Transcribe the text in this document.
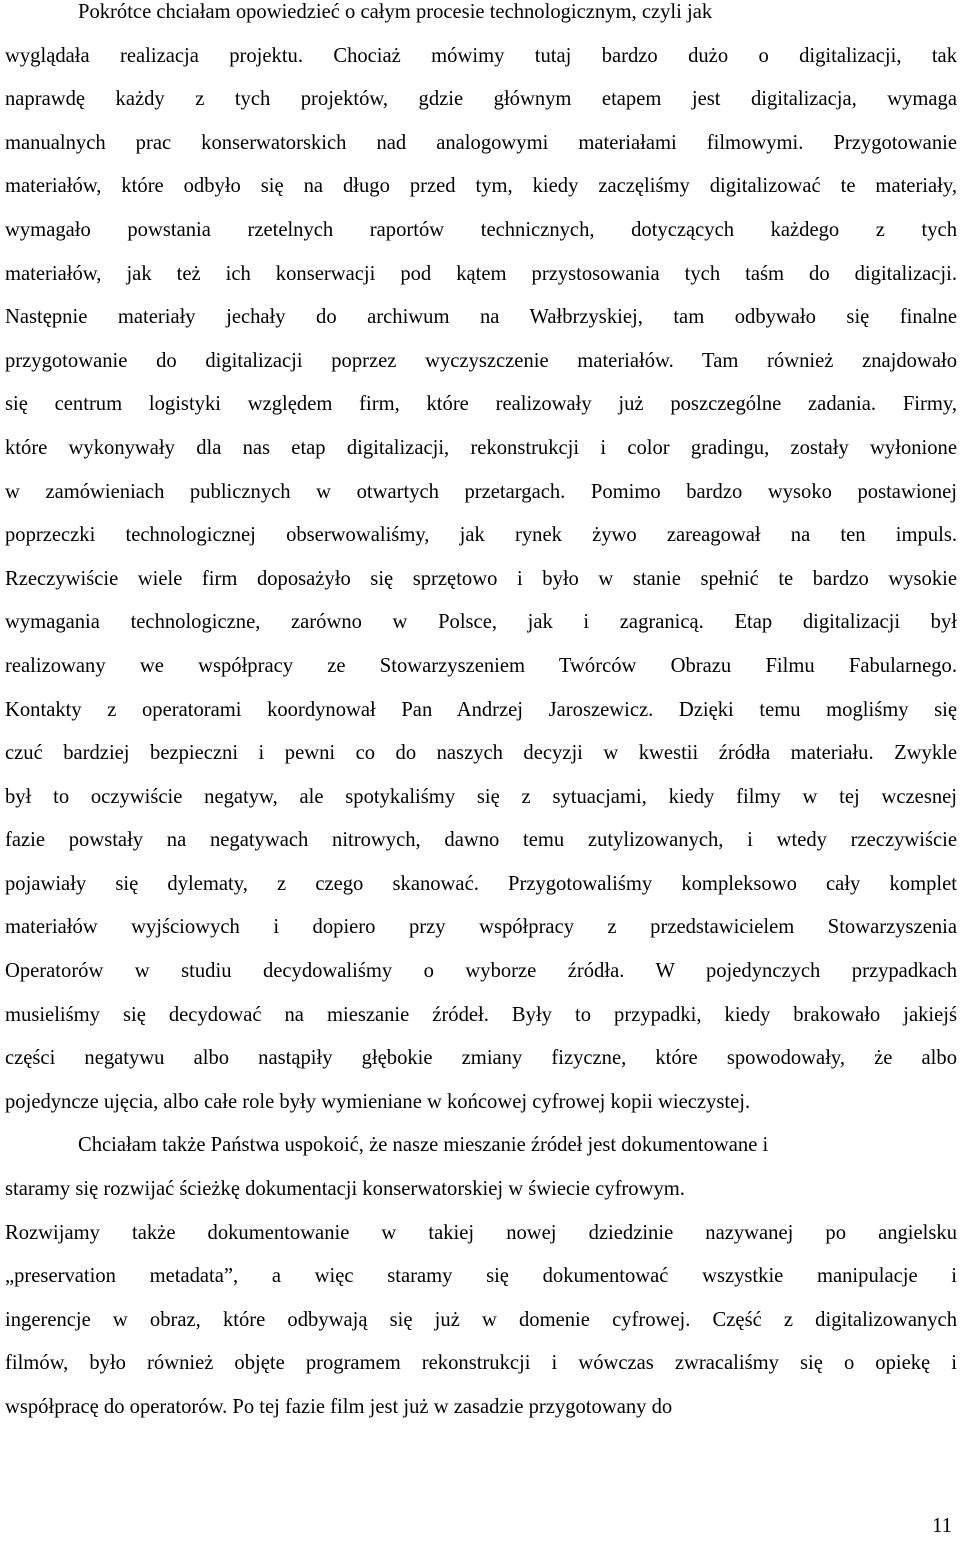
Pokrótce chciałam opowiedzieć o całym procesie technologicznym, czyli jak
wyglądała realizacja projektu. Chociaż mówimy tutaj bardzo dużo o digitalizacji, tak
naprawdę każdy z tych projektów, gdzie głównym etapem jest digitalizacja, wymaga
manualnych prac konserwatorskich nad analogowymi materiałami filmowymi. Przygotowanie
materiałów, które odbyło się na długo przed tym, kiedy zaczęliśmy digitalizować te materiały,
wymagało powstania rzetelnych raportów technicznych, dotyczących każdego z tych
materiałów, jak też ich konserwacji pod kątem przystosowania tych taśm do digitalizacji.
Następnie materiały jechały do archiwum na Wałbrzyskiej, tam odbywało się finalne
przygotowanie do digitalizacji poprzez wyczyszczenie materiałów. Tam również znajdowało
się centrum logistyki względem firm, które realizowały już poszczególne zadania. Firmy,
które wykonywały dla nas etap digitalizacji, rekonstrukcji i color gradingu, zostały wyłonione
w zamówieniach publicznych w otwartych przetargach. Pomimo bardzo wysoko postawionej
poprzeczki technologicznej obserwowaliśmy, jak rynek żywo zareagował na ten impuls.
Rzeczywiście wiele firm doposażyło się sprzętowo i było w stanie spełnić te bardzo wysokie
wymagania technologiczne, zarówno w Polsce, jak i zagranicą. Etap digitalizacji był
realizowany we współpracy ze Stowarzyszeniem Twórców Obrazu Filmu Fabularnego.
Kontakty z operatorami koordynował Pan Andrzej Jaroszewicz. Dzięki temu mogliśmy się
czuć bardziej bezpieczni i pewni co do naszych decyzji w kwestii źródła materiału. Zwykle
był to oczywiście negatyw, ale spotykaliśmy się z sytuacjami, kiedy filmy w tej wczesnej
fazie powstały na negatywach nitrowych, dawno temu zutylizowanych, i wtedy rzeczywiście
pojawiały się dylematy, z czego skanować. Przygotowaliśmy kompleksowo cały komplet
materiałów wyjściowych i dopiero przy współpracy z przedstawicielem Stowarzyszenia
Operatorów w studiu decydowaliśmy o wyborze źródła. W pojedynczych przypadkach
musieliśmy się decydować na mieszanie źródeł. Były to przypadki, kiedy brakowało jakiejś
części negatywu albo nastąpiły głębokie zmiany fizyczne, które spowodowały, że albo
pojedyncze ujęcia, albo całe role były wymieniane w końcowej cyfrowej kopii wieczystej.
Chciałam także Państwa uspokoić, że nasze mieszanie źródeł jest dokumentowane i
staramy się rozwijać ścieżkę dokumentacji konserwatorskiej w świecie cyfrowym.
Rozwijamy także dokumentowanie w takiej nowej dziedzinie nazywanej po angielsku
„preservation metadata”, a więc staramy się dokumentować wszystkie manipulacje i
ingerencje w obraz, które odbywają się już w domenie cyfrowej. Część z digitalizowanych
filmów, było również objęte programem rekonstrukcji i wówczas zwracaliśmy się o opiekę i
współpracę do operatorów. Po tej fazie film jest już w zasadzie przygotowany do
11
